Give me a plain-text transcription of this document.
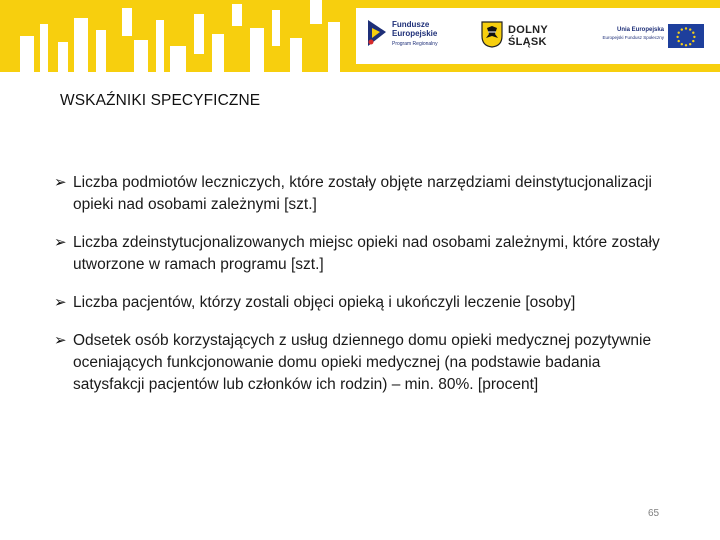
Fundusze
Europejskie
Program Regionalny
DOLNY
ŚLĄSK
Unia Europejska
Europejski Fundusz Społeczny
WSKAŹNIKI SPECYFICZNE
➢ Liczba podmiotów leczniczych, które zostały objęte narzędziami deinstytucjonalizacji opieki nad osobami zależnymi [szt.]
➢ Liczba zdeinstytucjonalizowanych miejsc opieki nad osobami zależnymi, które zostały utworzone w ramach programu [szt.]
➢ Liczba pacjentów, którzy zostali objęci opieką i ukończyli leczenie [osoby]
➢ Odsetek osób korzystających z usług dziennego domu opieki medycznej pozytywnie oceniających funkcjonowanie domu opieki medycznej (na podstawie badania satysfakcji pacjentów lub członków ich rodzin) – min. 80%. [procent]
65
